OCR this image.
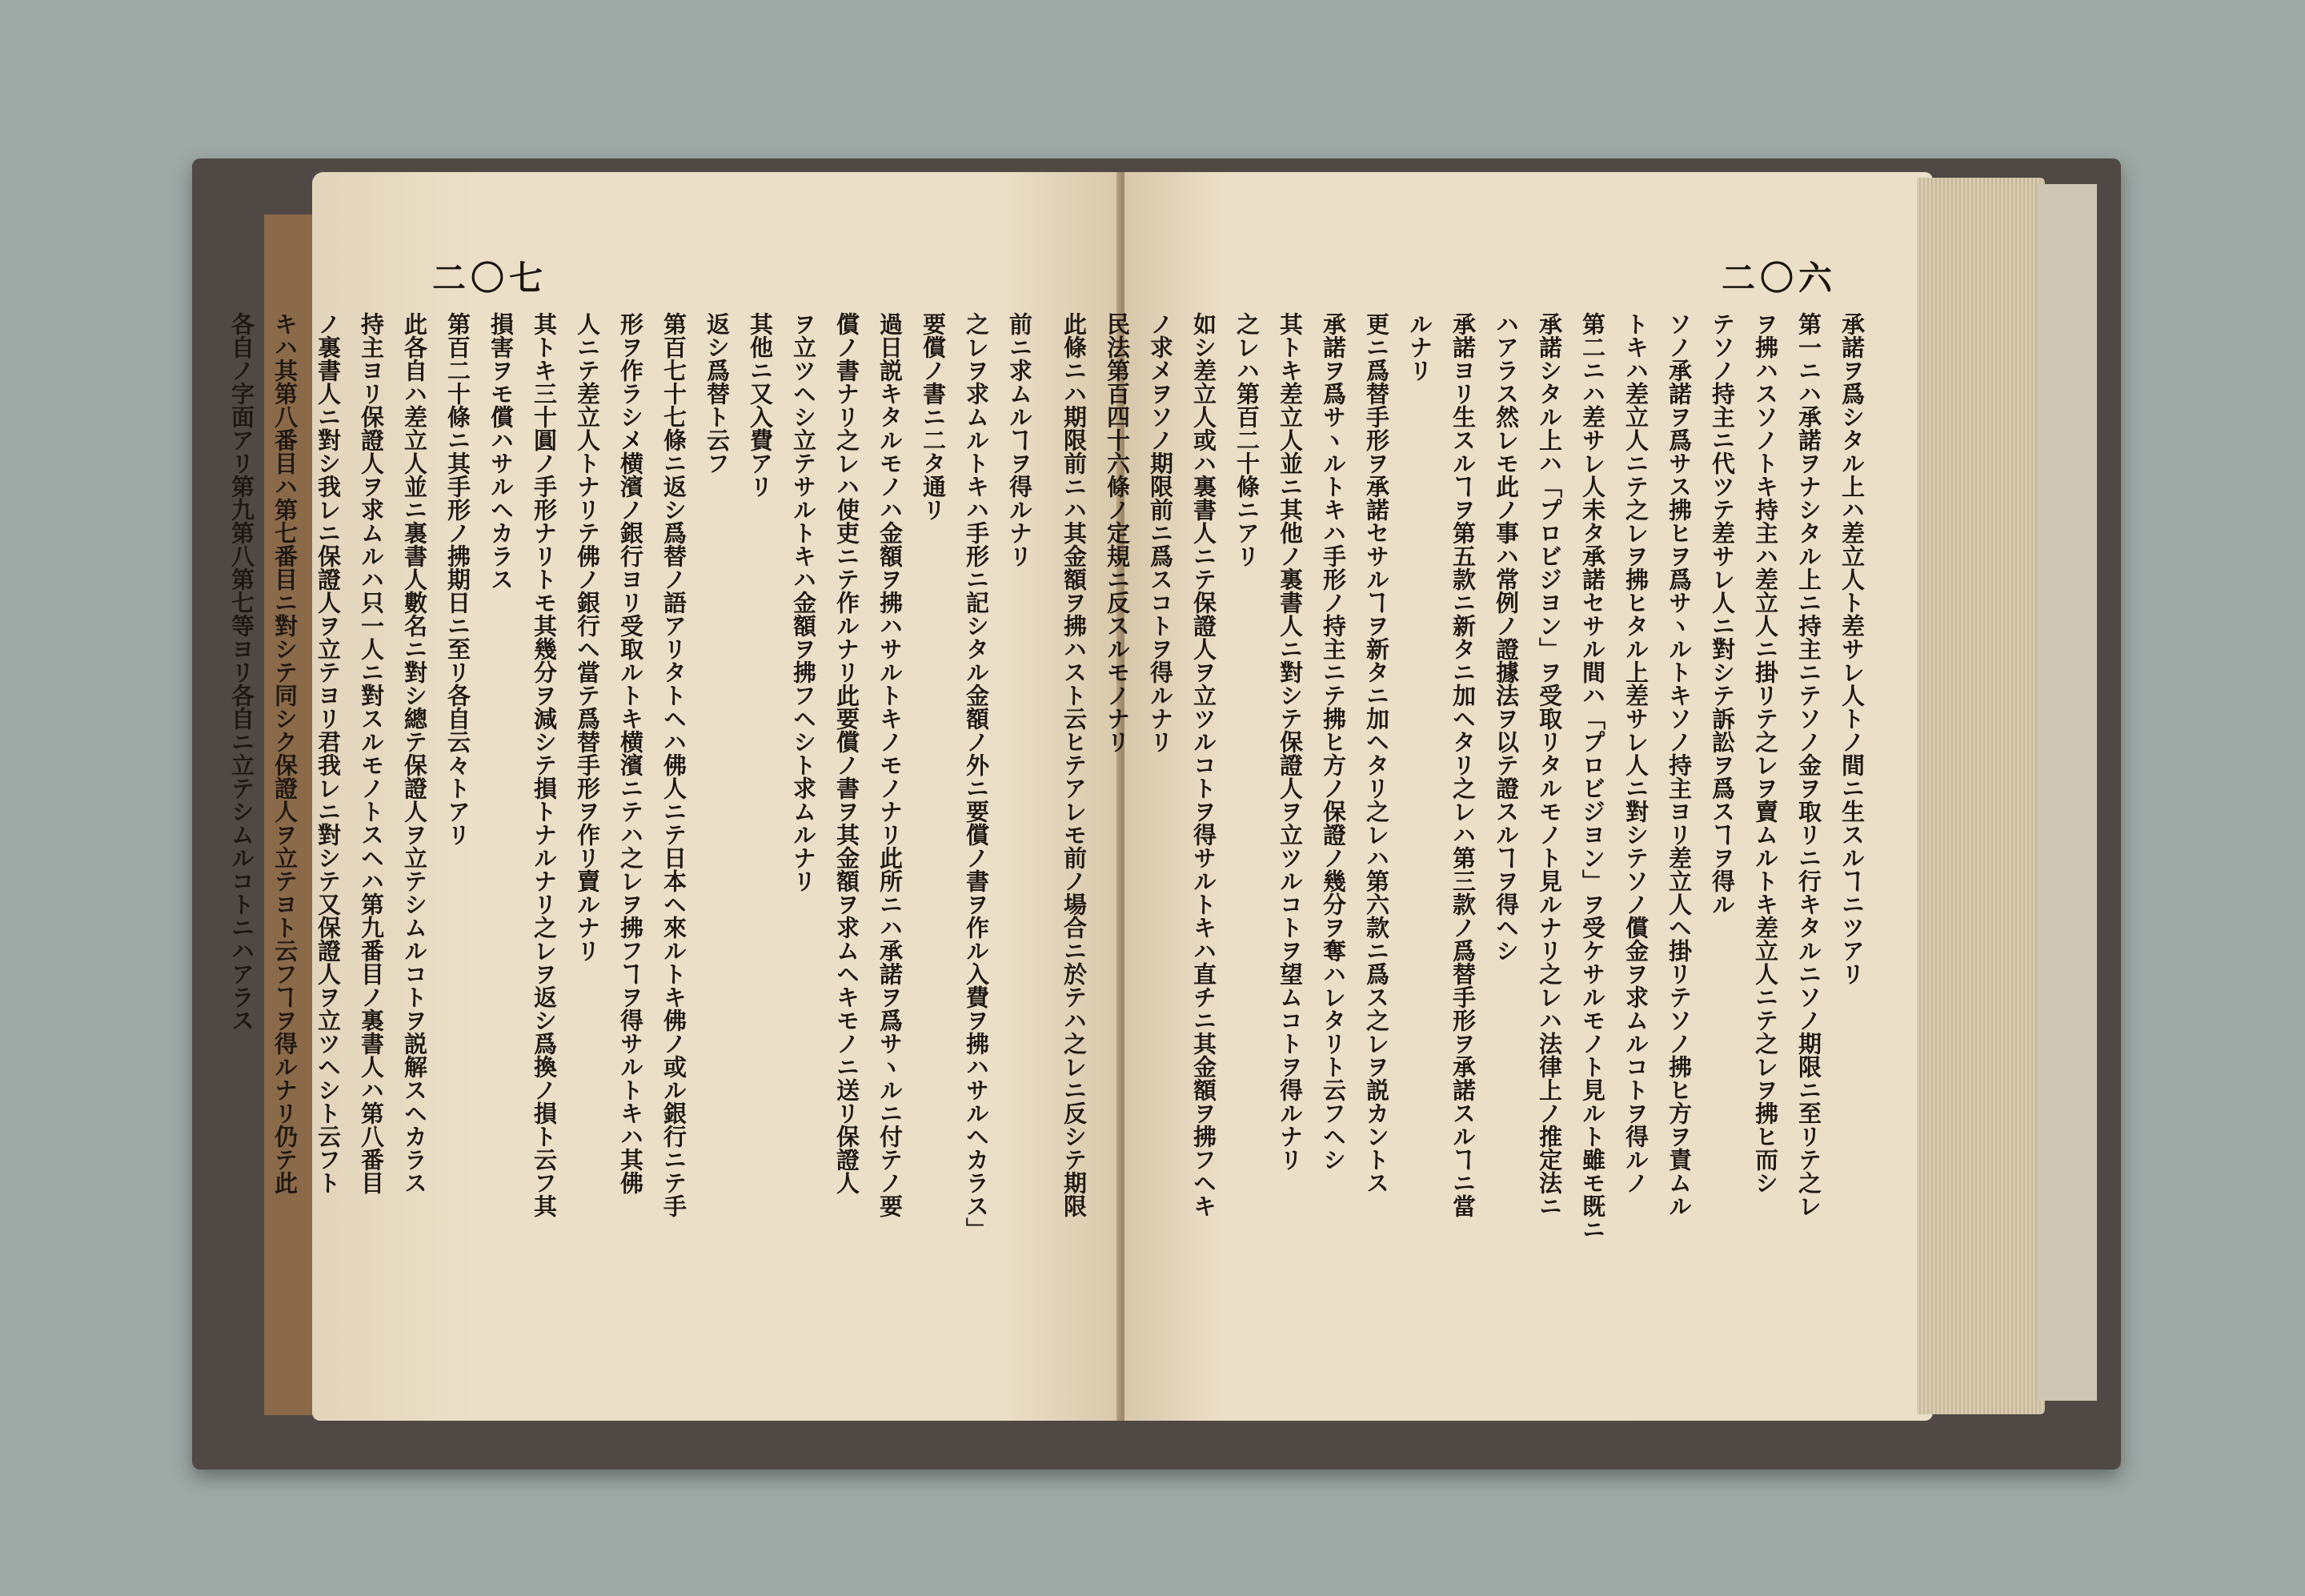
二〇七
前ニ求ムルヿヲ得ルナリ
之レヲ求ムルトキハ手形ニ記シタル金額ノ外ニ要償ノ書ヲ作ル入費ヲ拂ハサルヘカラス」
要償ノ書ニ二タ通リ
過日説キタルモノハ金額ヲ拂ハサルトキノモノナリ此所ニハ承諾ヲ爲サヽルニ付テノ要
償ノ書ナリ之レハ使吏ニテ作ルナリ此要償ノ書ヲ其金額ヲ求ムヘキモノニ送リ保證人
ヲ立ツヘシ立テサルトキハ金額ヲ拂フヘシト求ムルナリ
其他ニ又入費アリ
返シ爲替ト云フ
第百七十七條ニ返シ爲替ノ語アリタトヘハ佛人ニテ日本ヘ來ルトキ佛ノ或ル銀行ニテ手
形ヲ作ラシメ横濱ノ銀行ヨリ受取ルトキ横濱ニテハ之レヲ拂フヿヲ得サルトキハ其佛
人ニテ差立人トナリテ佛ノ銀行ヘ當テ爲替手形ヲ作リ賣ルナリ
其トキ三十圓ノ手形ナリトモ其幾分ヲ減シテ損トナルナリ之レヲ返シ爲換ノ損ト云フ其
損害ヲモ償ハサルヘカラス
第百二十條ニ其手形ノ拂期日ニ至リ各自云々トアリ
此各自ハ差立人並ニ裏書人數名ニ對シ總テ保證人ヲ立テシムルコトヲ説解スヘカラス
持主ヨリ保證人ヲ求ムルハ只一人ニ對スルモノトスヘハ第九番目ノ裏書人ハ第八番目
ノ裏書人ニ對シ我レニ保證人ヲ立テヨリ君我レニ對シテ又保證人ヲ立ツヘシト云フト
キハ其第八番目ハ第七番目ニ對シテ同シク保證人ヲ立テヨト云フヿヲ得ルナリ仍テ此
各自ノ字面アリ第九第八第七等ヨリ各自ニ立テシムルコトニハアラス
二〇六
承諾ヲ爲シタル上ハ差立人ト差サレ人トノ間ニ生スルヿニツアリ
第一ニハ承諾ヲナシタル上ニ持主ニテソノ金ヲ取リニ行キタルニソノ期限ニ至リテ之レ
ヲ拂ハスソノトキ持主ハ差立人ニ掛リテ之レヲ賣ムルトキ差立人ニテ之レヲ拂ヒ而シ
テソノ持主ニ代ツテ差サレ人ニ對シテ訴訟ヲ爲スヿヲ得ル
ソノ承諾ヲ爲サス拂ヒヲ爲サヽルトキソノ持主ヨリ差立人ヘ掛リテソノ拂ヒ方ヲ責ムル
トキハ差立人ニテ之レヲ拂ヒタル上差サレ人ニ對シテソノ償金ヲ求ムルコトヲ得ルノ
第二ニハ差サレ人未タ承諾セサル間ハ「プロビジヨン」ヲ受ケサルモノト見ルト雖モ既ニ
承諾シタル上ハ「プロビジヨン」ヲ受取リタルモノト見ルナリ之レハ法律上ノ推定法ニ
ハアラス然レモ此ノ事ハ常例ノ證據法ヲ以テ證スルヿヲ得ヘシ
承諾ヨリ生スルヿヲ第五款ニ新タニ加ヘタリ之レハ第三款ノ爲替手形ヲ承諾スルヿニ當
ルナリ
更ニ爲替手形ヲ承諾セサルヿヲ新タニ加ヘタリ之レハ第六款ニ爲ス之レヲ説カントス
承諾ヲ爲サヽルトキハ手形ノ持主ニテ拂ヒ方ノ保證ノ幾分ヲ奪ハレタリト云フヘシ
其トキ差立人並ニ其他ノ裏書人ニ對シテ保證人ヲ立ツルコトヲ望ムコトヲ得ルナリ
之レハ第百二十條ニアリ
如シ差立人或ハ裏書人ニテ保證人ヲ立ツルコトヲ得サルトキハ直チニ其金額ヲ拂フヘキ
ノ求メヲソノ期限前ニ爲スコトヲ得ルナリ
民法第百四十六條ノ定規ニ反スルモノナリ
此條ニハ期限前ニハ其金額ヲ拂ハスト云ヒテアレモ前ノ場合ニ於テハ之レニ反シテ期限
